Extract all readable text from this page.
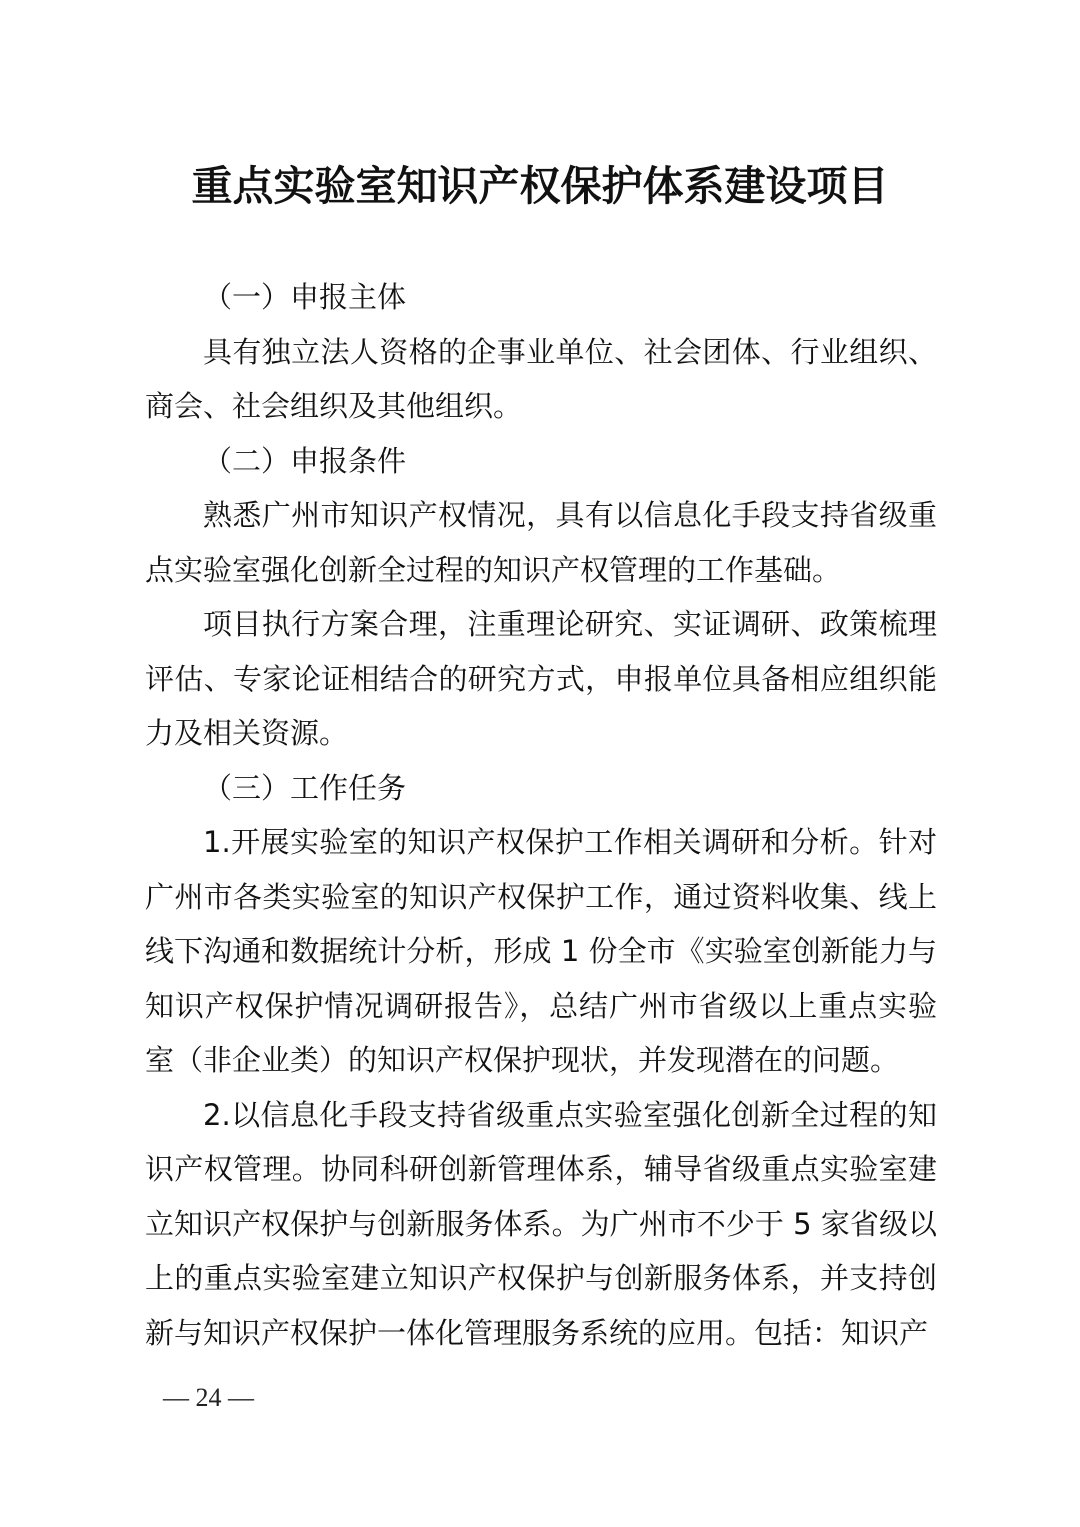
重点实验室知识产权保护体系建设项目

（一）申报主体

具有独立法人资格的企事业单位、社会团体、行业组织、商会、社会组织及其他组织。

（二）申报条件

熟悉广州市知识产权情况，具有以信息化手段支持省级重点实验室强化创新全过程的知识产权管理的工作基础。

项目执行方案合理，注重理论研究、实证调研、政策梳理评估、专家论证相结合的研究方式，申报单位具备相应组织能力及相关资源。

（三）工作任务

1.开展实验室的知识产权保护工作相关调研和分析。针对广州市各类实验室的知识产权保护工作，通过资料收集、线上线下沟通和数据统计分析，形成 1 份全市《实验室创新能力与知识产权保护情况调研报告》，总结广州市省级以上重点实验室（非企业类）的知识产权保护现状，并发现潜在的问题。

2.以信息化手段支持省级重点实验室强化创新全过程的知识产权管理。协同科研创新管理体系，辅导省级重点实验室建立知识产权保护与创新服务体系。为广州市不少于 5 家省级以上的重点实验室建立知识产权保护与创新服务体系，并支持创新与知识产权保护一体化管理服务系统的应用。包括：知识产

— 24 —
